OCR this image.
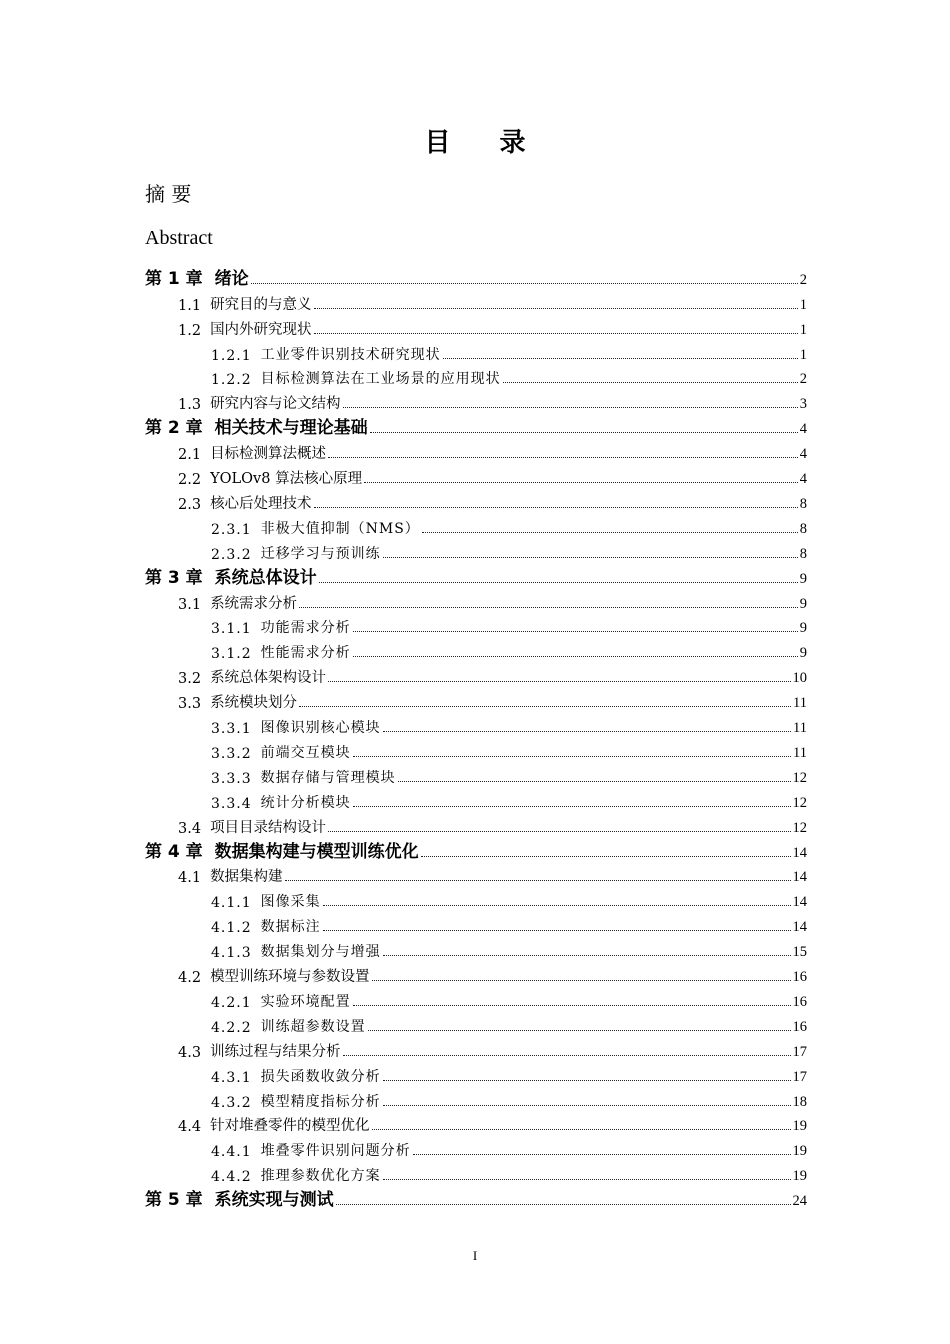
目 录
摘 要
Abstract
第 1 章 绪论	2
1.1 研究目的与意义	1
1.2 国内外研究现状	1
1.2.1 工业零件识别技术研究现状	1
1.2.2 目标检测算法在工业场景的应用现状	2
1.3 研究内容与论文结构	3
第 2 章 相关技术与理论基础	4
2.1 目标检测算法概述	4
2.2 YOLOv8 算法核心原理	4
2.3 核心后处理技术	8
2.3.1 非极大值抑制（NMS）	8
2.3.2 迁移学习与预训练	8
第 3 章 系统总体设计	9
3.1 系统需求分析	9
3.1.1 功能需求分析	9
3.1.2 性能需求分析	9
3.2 系统总体架构设计	10
3.3 系统模块划分	11
3.3.1 图像识别核心模块	11
3.3.2 前端交互模块	11
3.3.3 数据存储与管理模块	12
3.3.4 统计分析模块	12
3.4 项目目录结构设计	12
第 4 章 数据集构建与模型训练优化	14
4.1 数据集构建	14
4.1.1 图像采集	14
4.1.2 数据标注	14
4.1.3 数据集划分与增强	15
4.2 模型训练环境与参数设置	16
4.2.1 实验环境配置	16
4.2.2 训练超参数设置	16
4.3 训练过程与结果分析	17
4.3.1 损失函数收敛分析	17
4.3.2 模型精度指标分析	18
4.4 针对堆叠零件的模型优化	19
4.4.1 堆叠零件识别问题分析	19
4.4.2 推理参数优化方案	19
第 5 章 系统实现与测试	24
I
